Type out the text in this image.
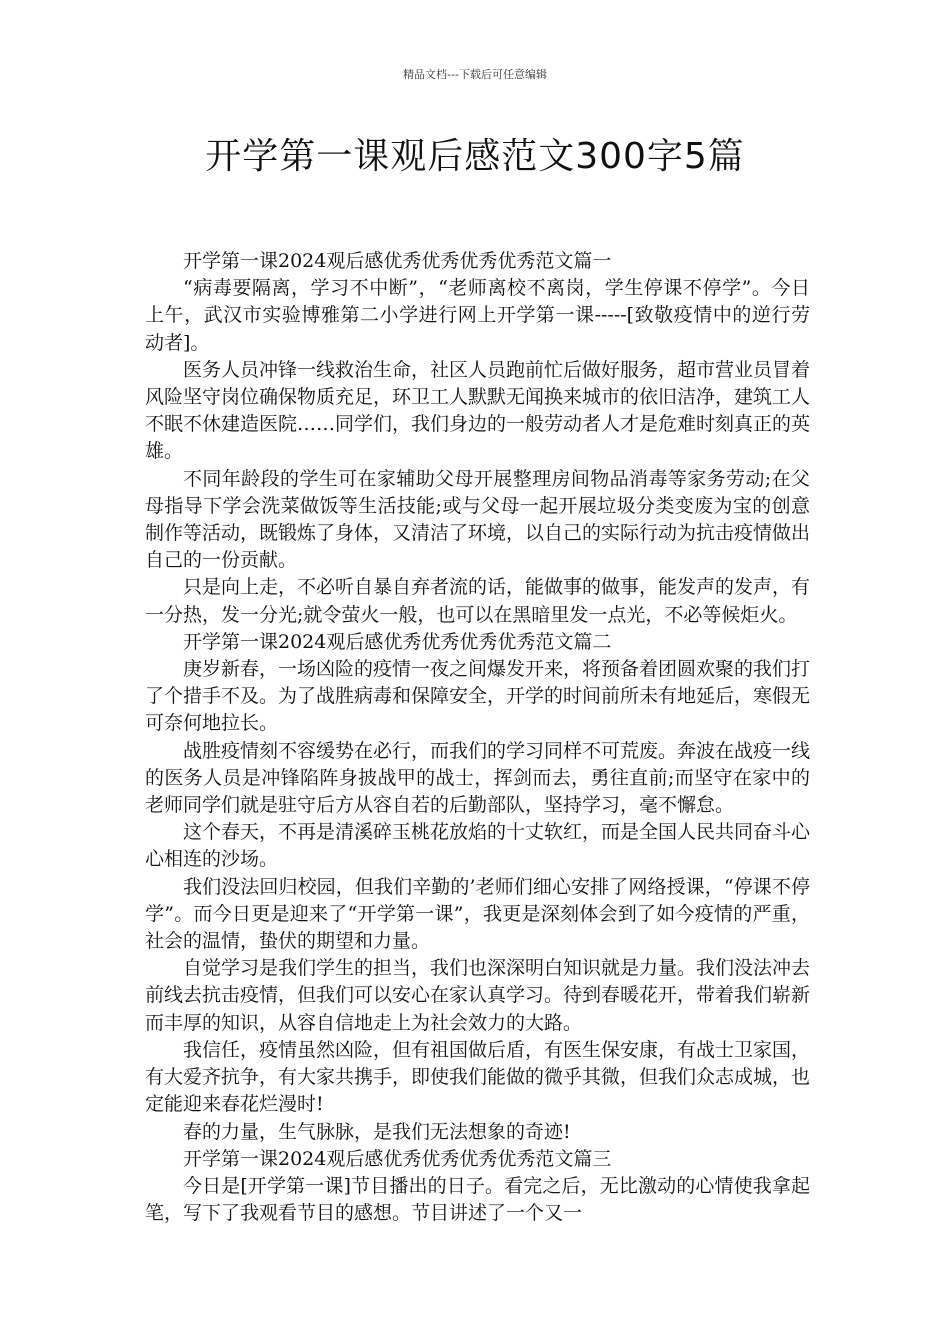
精品文档---下载后可任意编辑
开学第一课观后感范文300字5篇

开学第一课2024观后感优秀优秀优秀优秀范文篇一

“病毒要隔离，学习不中断”，“老师离校不离岗，学生停课不停学”。今日上午，武汉市实验博雅第二小学进行网上开学第一课-----[致敬疫情中的逆行劳动者]。

医务人员冲锋一线救治生命，社区人员跑前忙后做好服务，超市营业员冒着风险坚守岗位确保物质充足，环卫工人默默无闻换来城市的依旧洁净，建筑工人不眠不休建造医院……同学们，我们身边的一般劳动者人才是危难时刻真正的英雄。

不同年龄段的学生可在家辅助父母开展整理房间物品消毒等家务劳动;在父母指导下学会洗菜做饭等生活技能;或与父母一起开展垃圾分类变废为宝的创意制作等活动，既锻炼了身体，又清洁了环境，以自己的实际行动为抗击疫情做出自己的一份贡献。

只是向上走，不必听自暴自弃者流的话，能做事的做事，能发声的发声，有一分热，发一分光;就令萤火一般，也可以在黑暗里发一点光，不必等候炬火。

开学第一课2024观后感优秀优秀优秀优秀范文篇二

庚岁新春，一场凶险的疫情一夜之间爆发开来，将预备着团圆欢聚的我们打了个措手不及。为了战胜病毒和保障安全，开学的时间前所未有地延后，寒假无可奈何地拉长。

战胜疫情刻不容缓势在必行，而我们的学习同样不可荒废。奔波在战疫一线的医务人员是冲锋陷阵身披战甲的战士，挥剑而去，勇往直前;而坚守在家中的老师同学们就是驻守后方从容自若的后勤部队，坚持学习，毫不懈怠。

这个春天，不再是清溪碎玉桃花放焰的十丈软红，而是全国人民共同奋斗心心相连的沙场。

我们没法回归校园，但我们辛勤的’老师们细心安排了网络授课，“停课不停学”。而今日更是迎来了“开学第一课”，我更是深刻体会到了如今疫情的严重，社会的温情，蛰伏的期望和力量。

自觉学习是我们学生的担当，我们也深深明白知识就是力量。我们没法冲去前线去抗击疫情，但我们可以安心在家认真学习。待到春暖花开，带着我们崭新而丰厚的知识，从容自信地走上为社会效力的大路。

我信任，疫情虽然凶险，但有祖国做后盾，有医生保安康，有战士卫家国，有大爱齐抗争，有大家共携手，即使我们能做的微乎其微，但我们众志成城，也定能迎来春花烂漫时!

春的力量，生气脉脉，是我们无法想象的奇迹!

开学第一课2024观后感优秀优秀优秀优秀范文篇三

今日是[开学第一课]节目播出的日子。看完之后，无比激动的心情使我拿起笔，写下了我观看节目的感想。节目讲述了一个又一
